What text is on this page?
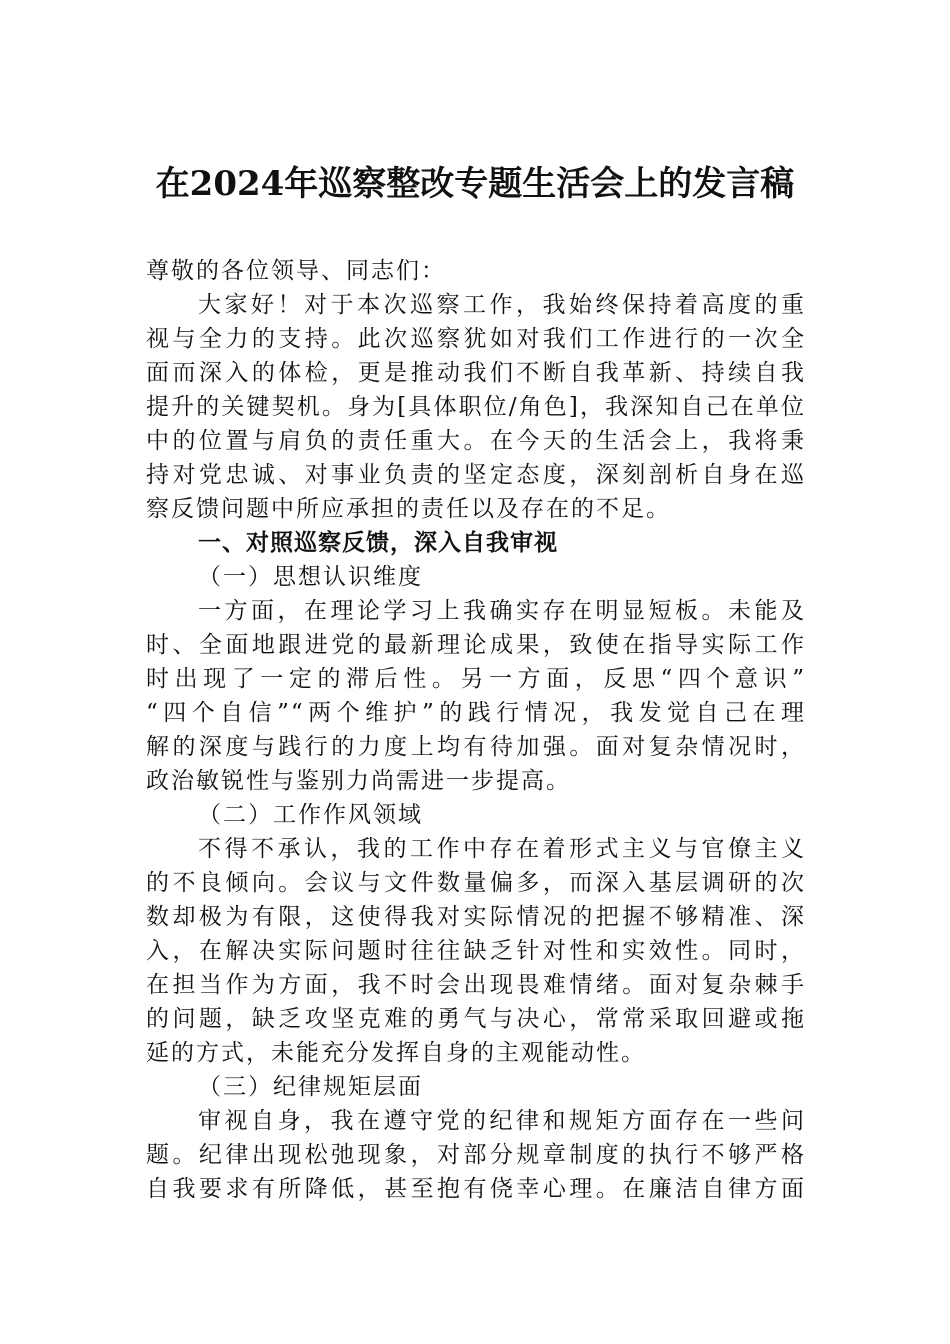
在2024年巡察整改专题生活会上的发言稿
尊敬的各位领导、同志们：
大家好！对于本次巡察工作，我始终保持着高度的重
视与全力的支持。此次巡察犹如对我们工作进行的一次全
面而深入的体检，更是推动我们不断自我革新、持续自我
提升的关键契机。身为[具体职位/角色]，我深知自己在单位
中的位置与肩负的责任重大。在今天的生活会上，我将秉
持对党忠诚、对事业负责的坚定态度，深刻剖析自身在巡
察反馈问题中所应承担的责任以及存在的不足。
一、对照巡察反馈，深入自我审视
（一）思想认识维度
一方面，在理论学习上我确实存在明显短板。未能及
时、全面地跟进党的最新理论成果，致使在指导实际工作
时出现了一定的滞后性。另一方面，反思“四个意识”
“四个自信”“两个维护”的践行情况，我发觉自己在理
解的深度与践行的力度上均有待加强。面对复杂情况时，
政治敏锐性与鉴别力尚需进一步提高。
（二）工作作风领域
不得不承认，我的工作中存在着形式主义与官僚主义
的不良倾向。会议与文件数量偏多，而深入基层调研的次
数却极为有限，这使得我对实际情况的把握不够精准、深
入，在解决实际问题时往往缺乏针对性和实效性。同时，
在担当作为方面，我不时会出现畏难情绪。面对复杂棘手
的问题，缺乏攻坚克难的勇气与决心，常常采取回避或拖
延的方式，未能充分发挥自身的主观能动性。
（三）纪律规矩层面
审视自身，我在遵守党的纪律和规矩方面存在一些问
题。纪律出现松弛现象，对部分规章制度的执行不够严格
自我要求有所降低，甚至抱有侥幸心理。在廉洁自律方面
